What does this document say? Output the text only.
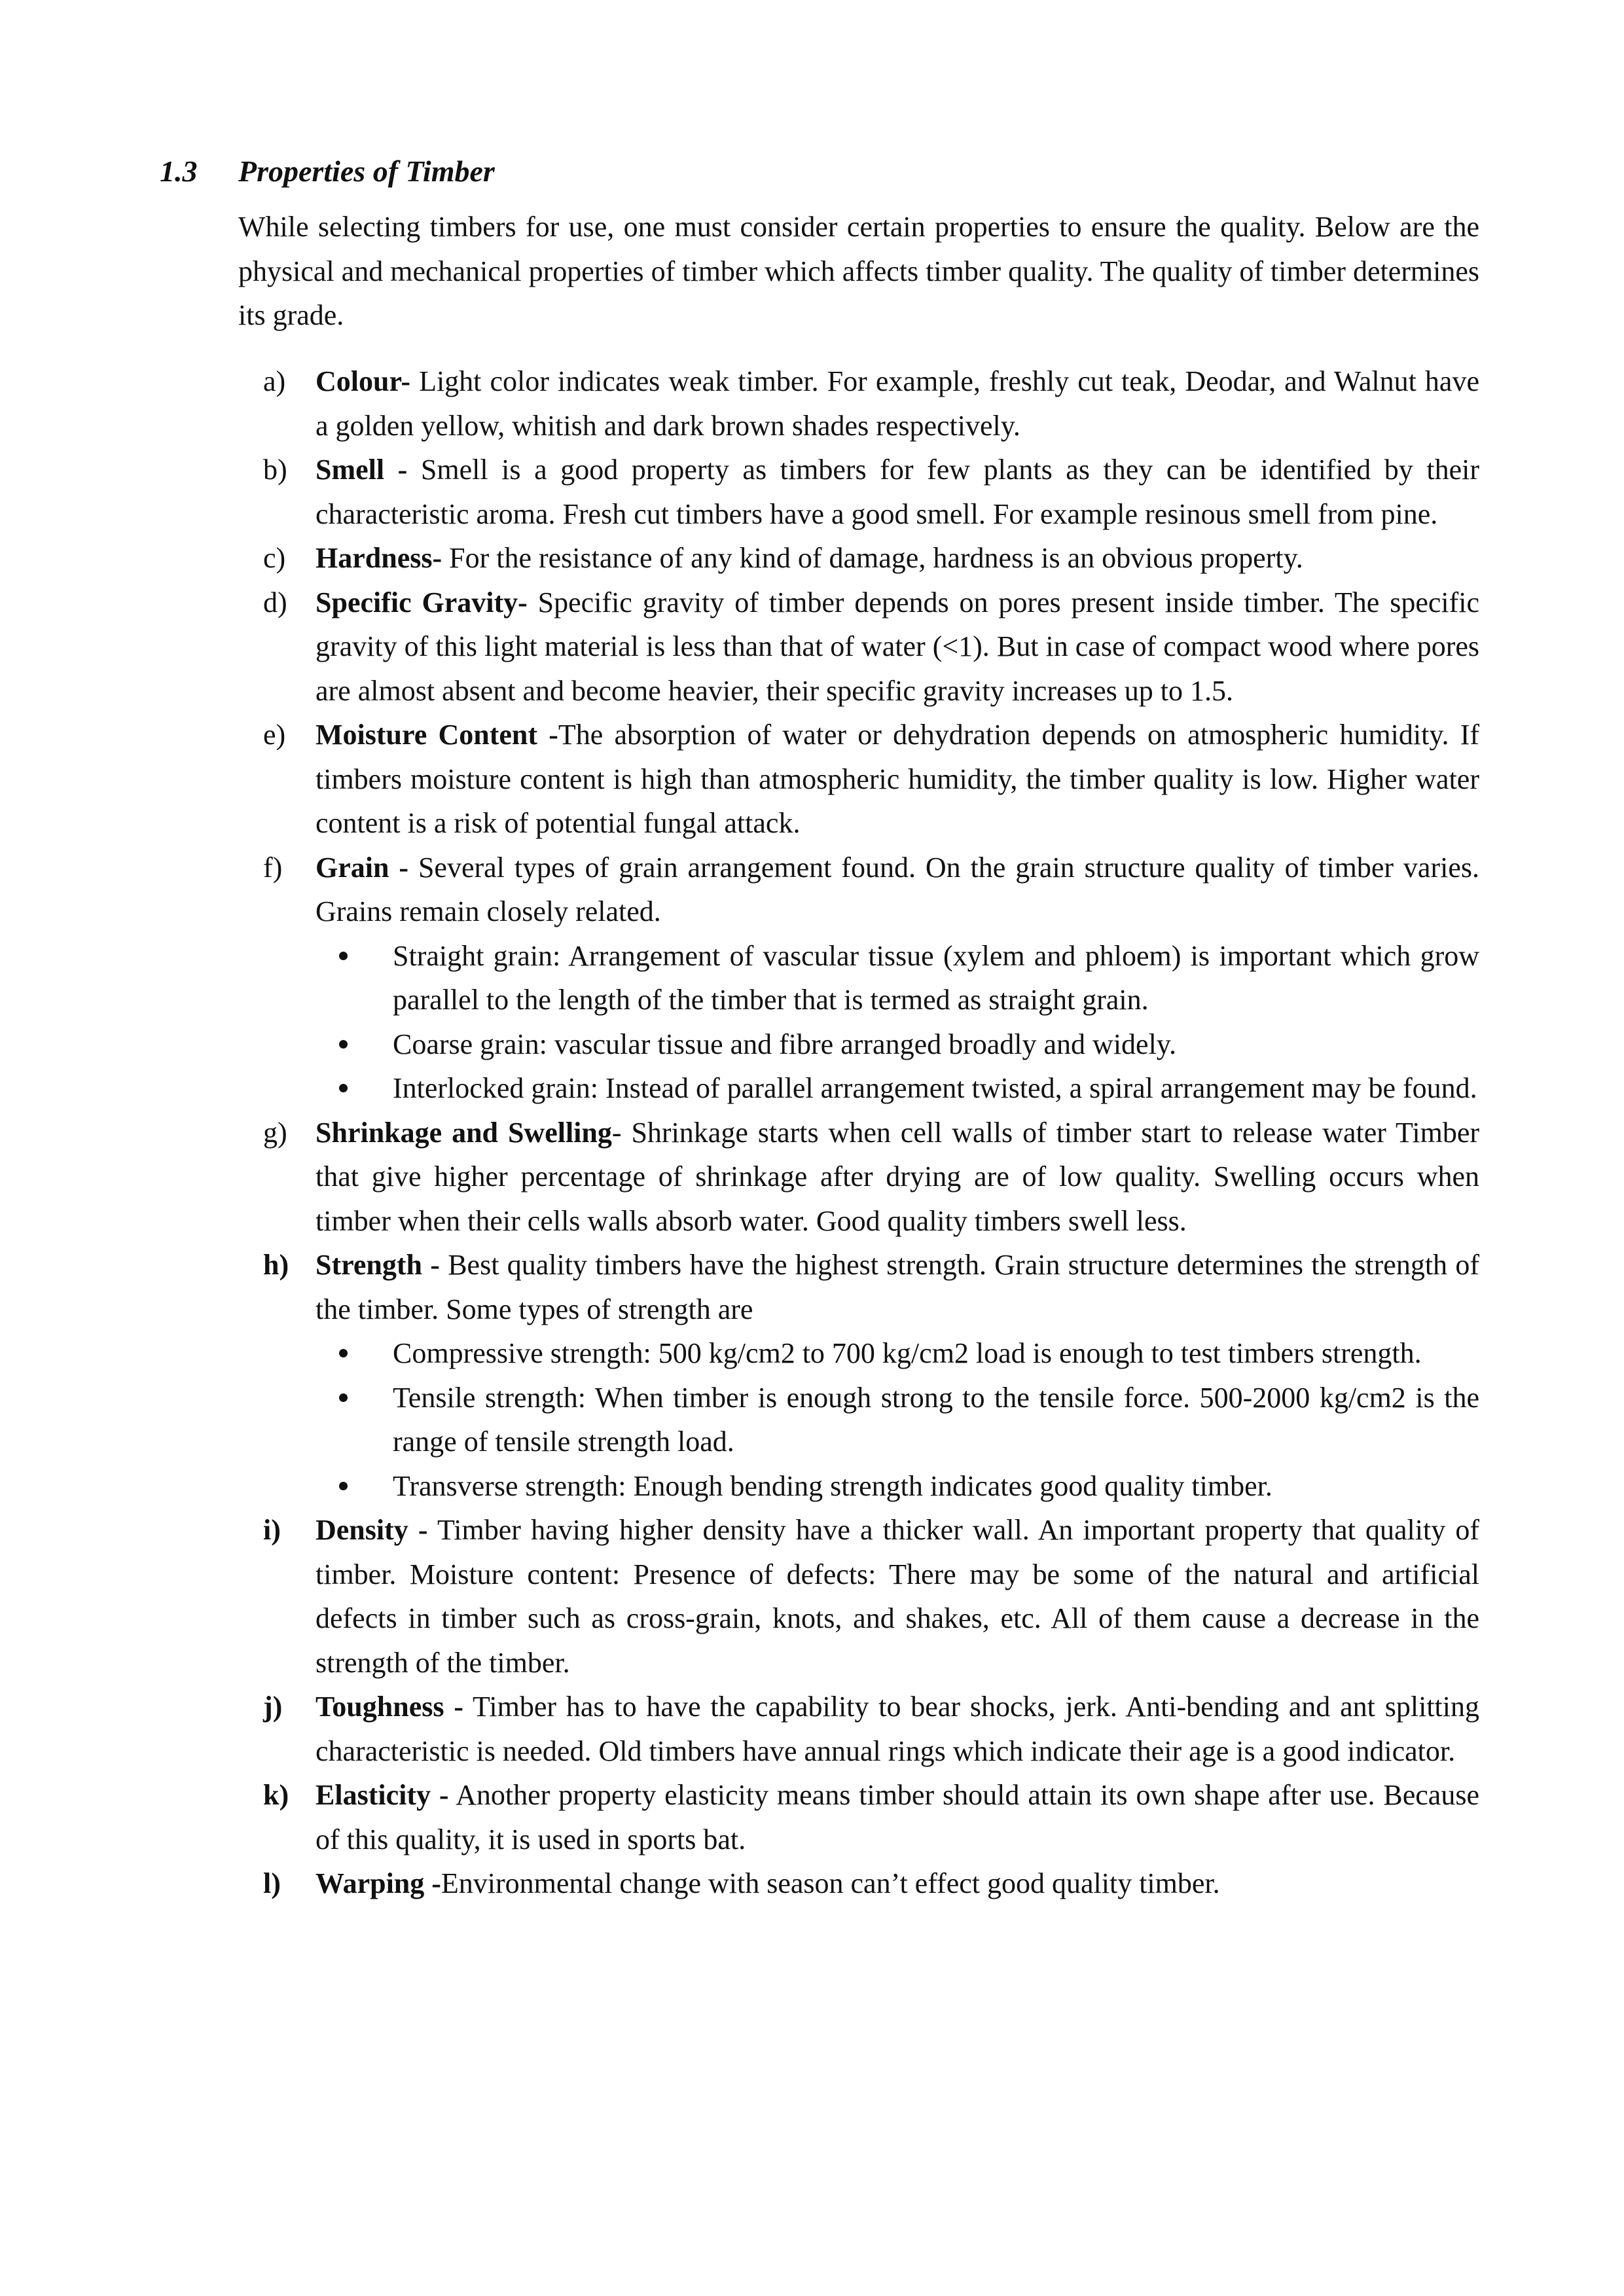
1.3 Properties of Timber

While selecting timbers for use, one must consider certain properties to ensure the quality. Below are the physical and mechanical properties of timber which affects timber quality. The quality of timber determines its grade.

a) Colour- Light color indicates weak timber. For example, freshly cut teak, Deodar, and Walnut have a golden yellow, whitish and dark brown shades respectively.

b) Smell - Smell is a good property as timbers for few plants as they can be identified by their characteristic aroma. Fresh cut timbers have a good smell. For example resinous smell from pine.

c) Hardness- For the resistance of any kind of damage, hardness is an obvious property.

d) Specific Gravity- Specific gravity of timber depends on pores present inside timber. The specific gravity of this light material is less than that of water (<1). But in case of compact wood where pores are almost absent and become heavier, their specific gravity increases up to 1.5.

e) Moisture Content -The absorption of water or dehydration depends on atmospheric humidity. If timbers moisture content is high than atmospheric humidity, the timber quality is low. Higher water content is a risk of potential fungal attack.

f) Grain - Several types of grain arrangement found. On the grain structure quality of timber varies. Grains remain closely related.

Straight grain: Arrangement of vascular tissue (xylem and phloem) is important which grow parallel to the length of the timber that is termed as straight grain.

Coarse grain: vascular tissue and fibre arranged broadly and widely.

Interlocked grain: Instead of parallel arrangement twisted, a spiral arrangement may be found.

g) Shrinkage and Swelling- Shrinkage starts when cell walls of timber start to release water Timber that give higher percentage of shrinkage after drying are of low quality. Swelling occurs when timber when their cells walls absorb water. Good quality timbers swell less.

h) Strength - Best quality timbers have the highest strength. Grain structure determines the strength of the timber. Some types of strength are

Compressive strength: 500 kg/cm2 to 700 kg/cm2 load is enough to test timbers strength.

Tensile strength: When timber is enough strong to the tensile force. 500-2000 kg/cm2 is the range of tensile strength load.

Transverse strength: Enough bending strength indicates good quality timber.

i) Density - Timber having higher density have a thicker wall. An important property that quality of timber. Moisture content: Presence of defects: There may be some of the natural and artificial defects in timber such as cross-grain, knots, and shakes, etc. All of them cause a decrease in the strength of the timber.

j) Toughness - Timber has to have the capability to bear shocks, jerk. Anti-bending and ant splitting characteristic is needed. Old timbers have annual rings which indicate their age is a good indicator.

k) Elasticity - Another property elasticity means timber should attain its own shape after use. Because of this quality, it is used in sports bat.

l) Warping -Environmental change with season can’t effect good quality timber.
